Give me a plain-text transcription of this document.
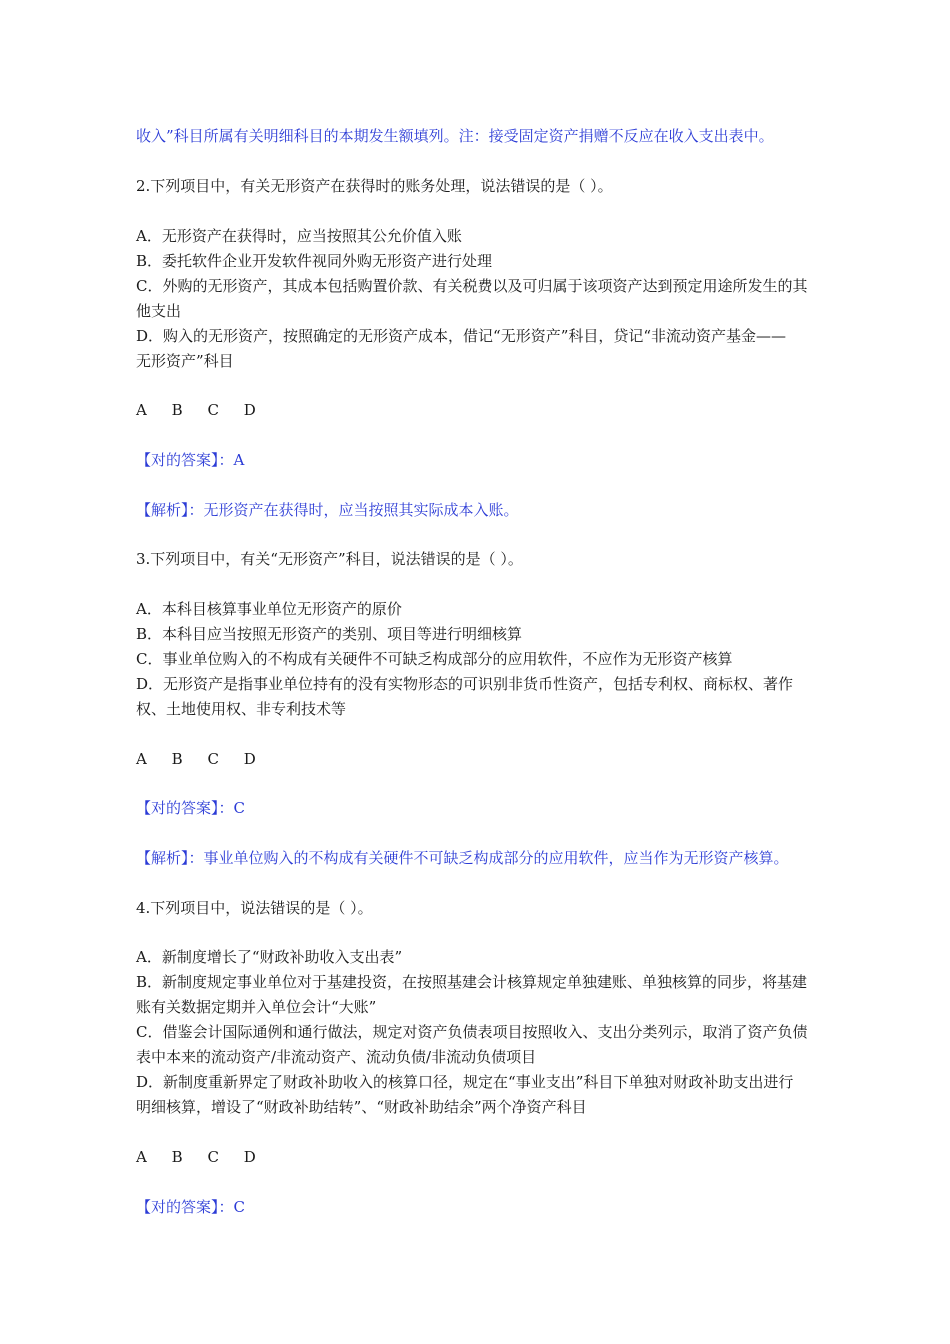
收入”科目所属有关明细科目的本期发生额填列。注：接受固定资产捐赠不反应在收入支出表中。
2.下列项目中，有关无形资产在获得时的账务处理，说法错误的是（ ）。
A．无形资产在获得时，应当按照其公允价值入账
B．委托软件企业开发软件视同外购无形资产进行处理
C．外购的无形资产，其成本包括购置价款、有关税费以及可归属于该项资产达到预定用途所发生的其
他支出
D．购入的无形资产，按照确定的无形资产成本，借记“无形资产”科目，贷记“非流动资产基金——
无形资产”科目
A B C D
【对的答案】：A
【解析】：无形资产在获得时，应当按照其实际成本入账。
3.下列项目中，有关“无形资产”科目，说法错误的是（ ）。
A．本科目核算事业单位无形资产的原价
B．本科目应当按照无形资产的类别、项目等进行明细核算
C．事业单位购入的不构成有关硬件不可缺乏构成部分的应用软件，不应作为无形资产核算
D．无形资产是指事业单位持有的没有实物形态的可识别非货币性资产，包括专利权、商标权、著作
权、土地使用权、非专利技术等
A B C D
【对的答案】：C
【解析】：事业单位购入的不构成有关硬件不可缺乏构成部分的应用软件，应当作为无形资产核算。
4.下列项目中，说法错误的是（ ）。
A．新制度增长了“财政补助收入支出表”
B．新制度规定事业单位对于基建投资，在按照基建会计核算规定单独建账、单独核算的同步，将基建
账有关数据定期并入单位会计“大账”
C．借鉴会计国际通例和通行做法，规定对资产负债表项目按照收入、支出分类列示，取消了资产负债
表中本来的流动资产/非流动资产、流动负债/非流动负债项目
D．新制度重新界定了财政补助收入的核算口径，规定在“事业支出”科目下单独对财政补助支出进行
明细核算，增设了“财政补助结转”、“财政补助结余”两个净资产科目
A B C D
【对的答案】：C
